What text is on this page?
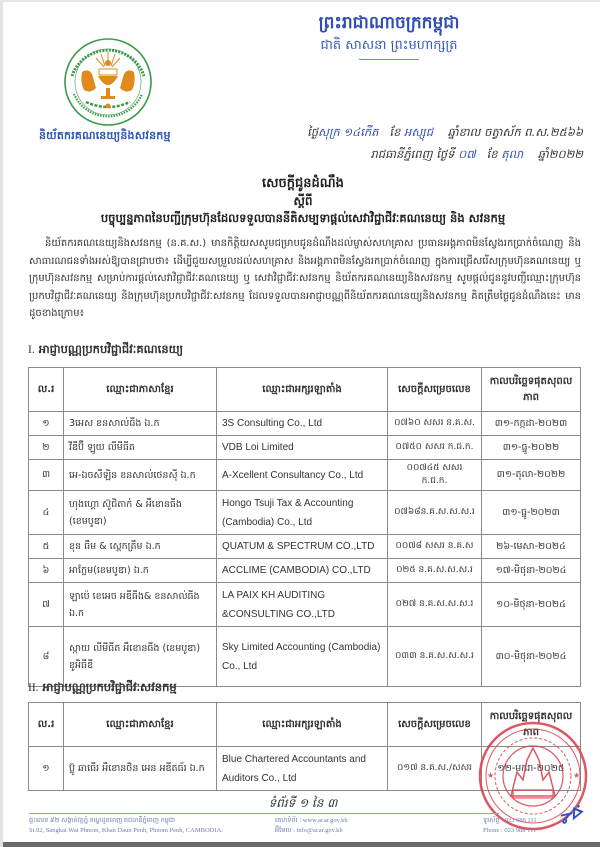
និយ័តករគណនេយ្យនិងសវនកម្ម
ព្រះរាជាណាចក្រកម្ពុជា
ជាតិ សាសនា ព្រះមហាក្សត្រ
ថ្ងៃសុក្រ ១៤កើត ខែ អស្សុជ ឆ្នាំខាល ចត្វាស័ក ព.ស.២៥៦៦
រាជធានីភ្នំពេញ ថ្ងៃទី ០៧ ខែ តុលា ឆ្នាំ២០២២
សេចក្តីជូនដំណឹង
ស្តីពី
បច្ចុប្បន្នភាពនៃបញ្ជីក្រុមហ៊ុនដែលទទួលបាននីតិសម្បទាផ្តល់សេវាវិជ្ជាជីវៈគណនេយ្យ និង សវនកម្ម
និយ័តករគណនេយ្យនិងសវនកម្ម (ន.គ.ស.) មានកិត្តិយសសូមជម្រាបជូនដំណឹងដល់ម្ចាស់សហគ្រាស ប្រធានអង្គភាពមិនស្វែងរកប្រាក់ចំណេញ និងសាធារណជនទាំងអស់ឱ្យបានជ្រាបថា៖ ដើម្បីជួយសម្រួលដល់សហគ្រាស និងអង្គភាពមិនស្វែងរកប្រាក់ចំណេញ ក្នុងការជ្រើសរើសក្រុមហ៊ុនគណនេយ្យ ឬ ក្រុមហ៊ុនសវនកម្ម សម្រាប់ការផ្តល់សេវាវិជ្ជាជីវៈគណនេយ្យ ឬ សេវាវិជ្ជាជីវៈសវនកម្ម និយ័តករគណនេយ្យនិងសវនកម្ម សូមផ្តល់ជូននូវបញ្ជីឈ្មោះក្រុមហ៊ុនប្រកបវិជ្ជាជីវៈគណនេយ្យ និងក្រុមហ៊ុនប្រកបវិជ្ជាជីវៈសវនកម្ម ដែលទទួលបានអាជ្ញាបណ្ណពីនិយ័តករគណនេយ្យនិងសវនកម្ម គិតត្រឹមថ្ងៃជូនដំណឹងនេះ មានដូចខាងក្រោម៖
I. អាជ្ញាបណ្ណប្រកបវិជ្ជាជីវៈគណនេយ្យ
ល.រ	ឈ្មោះជាភាសាខ្មែរ	ឈ្មោះជាអក្សរឡាតាំង	សេចក្តីសម្រេចលេខ	កាលបរិច្ឆេទផុតសុពលភាព
១	3អេស ខនសាល់ធីង ឯ.ក	3S Consulting Co., Ltd	០៧៦០ សសរ ន.គ.ស.	៣១-កក្កដា-២០២៣
២	វីឌីប៊ី ឡូយ លីមីធីត	VDB Loi Limited	០៧៥០ សសរ ក.ជ.ក.	៣១-ធ្នូ-២០២២
៣	អេ-ឯចសឺឡិន ខនសាល់ថេនស៊ី ឯ.ក	A-Xcellent Consultancy Co., Ltd	០០៧៤៥ សសរ ក.ជ.ក.	៣១-តុលា-២០២២
៤	ហុងហ្គោ ស៊ូជិតាក់ & អឹខោនធីង (ខេមបូឌា)	Hongo Tsuji Tax & Accounting (Cambodia) Co., Ltd	០៧៦៨ន.គ.ស.ស.ស.រ	៣១-ធ្នូ-២០២៣
៥	ខុន ធឹម & ស្ពេកត្រឹម ឯ.ក	QUATUM & SPECTRUM CO.,LTD	០០៧៨ សសរ ន.គ.ស	២៦-មេសា-២០២៤
៦	អាក្លែម(ខេមបូឌា) ឯ.ក	ACCLIME (CAMBODIA) CO.,LTD	០២៥ ន.គ.ស.ស.ស.រ	១៧-មិថុនា-២០២៤
៧	ឡាប៉េ ខេអេច អឌីធីង& ខនសាល់ធីង ឯ.ក	LA PAIX KH AUDITING &CONSULTING CO.,LTD	០២៧ ន.គ.ស.ស.ស.រ	១០-មិថុនា-២០២៤
៨	ស្កាយ លីមីធីត អឹខោនធីង (ខេមបូឌា) ខូអិធីឌី	Sky Limited Accounting (Cambodia) Co., Ltd	០៣៣ ន.គ.ស.ស.ស.រ	៣០-មិថុនា-២០២៤
II. អាជ្ញាបណ្ណប្រកបវិជ្ជាជីវៈសវនកម្ម
ល.រ	ឈ្មោះជាភាសាខ្មែរ	ឈ្មោះជាអក្សរឡាតាំង	សេចក្តីសម្រេចលេខ	កាលបរិច្ឆេទផុតសុពលភាព
១	ប៊្លូ ឆាធើរ អឹខោនថិន អេន អឌីតធ័រ ឯ.ក	Blue Chartered Accountants and Auditors Co., Ltd	០១៧ ន.គ.ស./សសរ	១២-មករា-២០២៥
★	★
ᡒᢰ
ទំព័រទី ១ នៃ ៣
ផ្ទះលេខ ៩២ សង្កាត់វត្តភ្នំ ខណ្ឌដូនពេញ រាជធានីភ្នំពេញ កម្ពុជា
St.92, Sangkat Wat Phnom, Khan Daun Penh, Phnom Penh, CAMBODIA.
គេហទំព័រ : www.acar.gov.kh
អ៊ីមែល : info@acar.gov.kh
ទូរស័ព្ទ : 023 988 111
Phone : 023 988 111
